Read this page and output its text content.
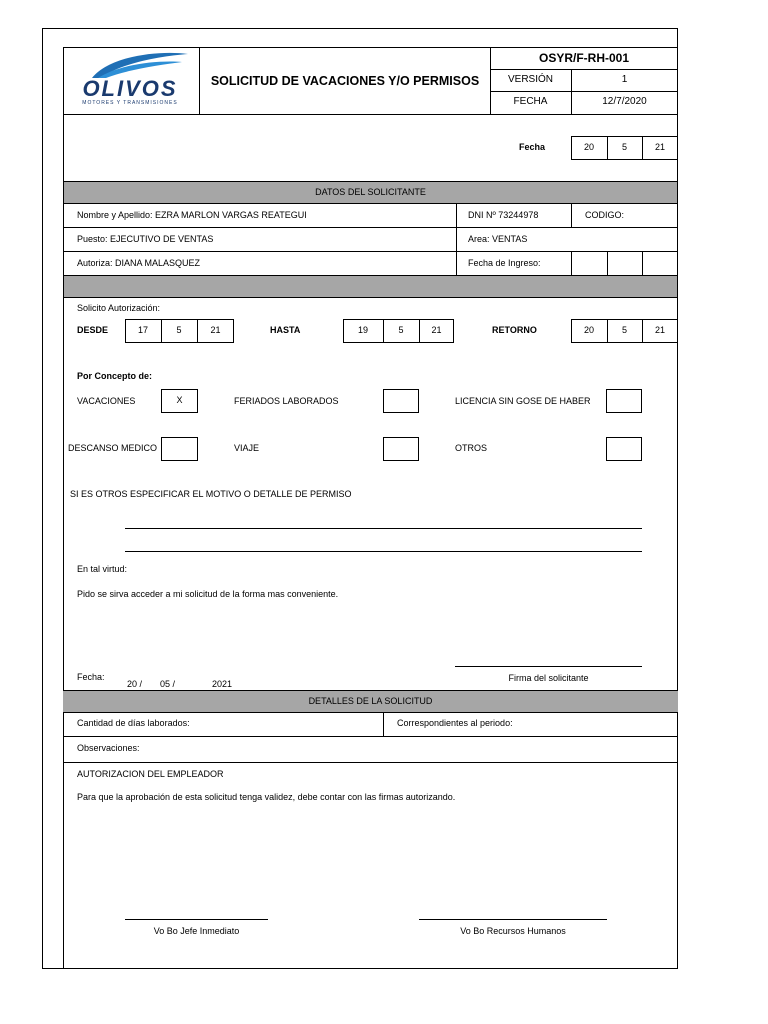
OLIVOS
MOTORES Y TRANSMISIONES
SOLICITUD DE VACACIONES Y/O PERMISOS
OSYR/F-RH-001
VERSIÓN	1
FECHA	12/7/2020
Fecha	20	5	21
DATOS DEL SOLICITANTE
Nombre y Apellido: EZRA MARLON VARGAS REATEGUI	DNI Nº 73244978	CODIGO:
Puesto: EJECUTIVO DE VENTAS	Area: VENTAS
Autoriza: DIANA MALASQUEZ	Fecha de Ingreso:
Solicito Autorización:
DESDE	17	5	21	HASTA	19	5	21	RETORNO	20	5	21
Por Concepto de:
VACACIONES	X	FERIADOS LABORADOS	LICENCIA SIN GOSE DE HABER
DESCANSO MEDICO	VIAJE	OTROS
SI ES OTROS ESPECIFICAR EL MOTIVO O DETALLE DE PERMISO
En tal virtud:
Pido se sirva acceder a mi solicitud de la forma mas conveniente.
Fecha:
20 / 05 /	2021
Firma del solicitante
DETALLES DE LA SOLICITUD
Cantidad de días laborados:	Correspondientes al periodo:
Observaciones:
AUTORIZACION DEL EMPLEADOR
Para que la aprobación de esta solicitud tenga validez, debe contar con las firmas autorizando.
Vo Bo Jefe Inmediato	Vo Bo Recursos Humanos
